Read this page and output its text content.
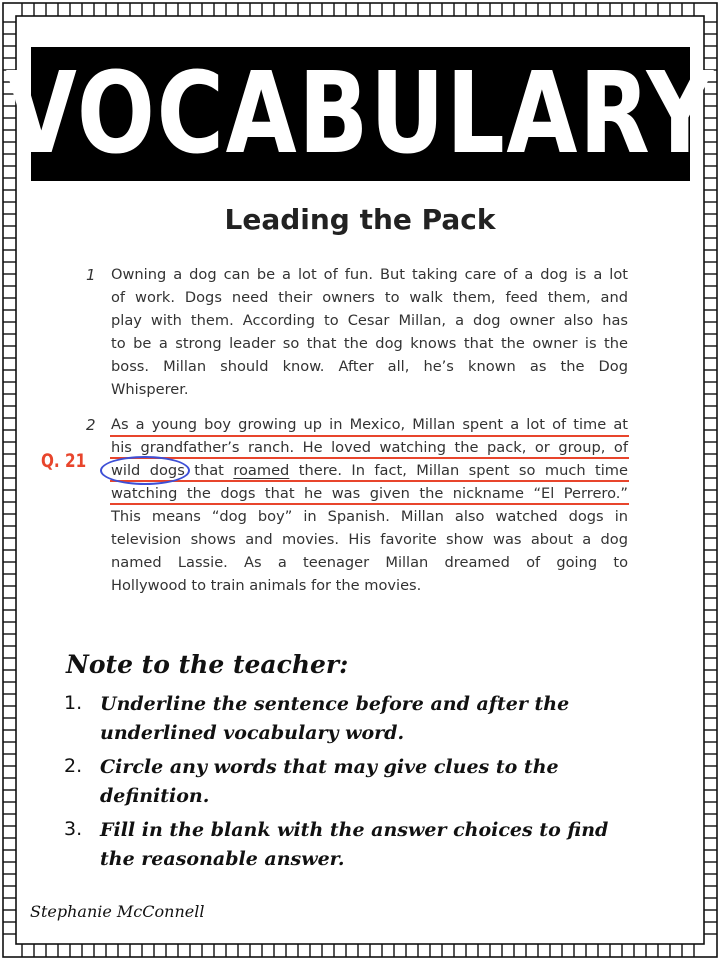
VOCABULARY
Leading the Pack
1 Owning a dog can be a lot of fun. But taking care of a dog is a lot
of work. Dogs need their owners to walk them, feed them, and
play with them. According to Cesar Millan, a dog owner also has
to be a strong leader so that the dog knows that the owner is the
boss. Millan should know. After all, he’s known as the Dog
Whisperer.
2 As a young boy growing up in Mexico, Millan spent a lot of time at
his grandfather’s ranch. He loved watching the pack, or group, of
wild dogs that roamed there. In fact, Millan spent so much time
watching the dogs that he was given the nickname “El Perrero.”
This means “dog boy” in Spanish. Millan also watched dogs in
television shows and movies. His favorite show was about a dog
named Lassie. As a teenager Millan dreamed of going to
Hollywood to train animals for the movies.
Q. 21
Note to the teacher:
1. Underline the sentence before and after the underlined vocabulary word.
2. Circle any words that may give clues to the definition.
3. Fill in the blank with the answer choices to find the reasonable answer.
Stephanie McConnell
